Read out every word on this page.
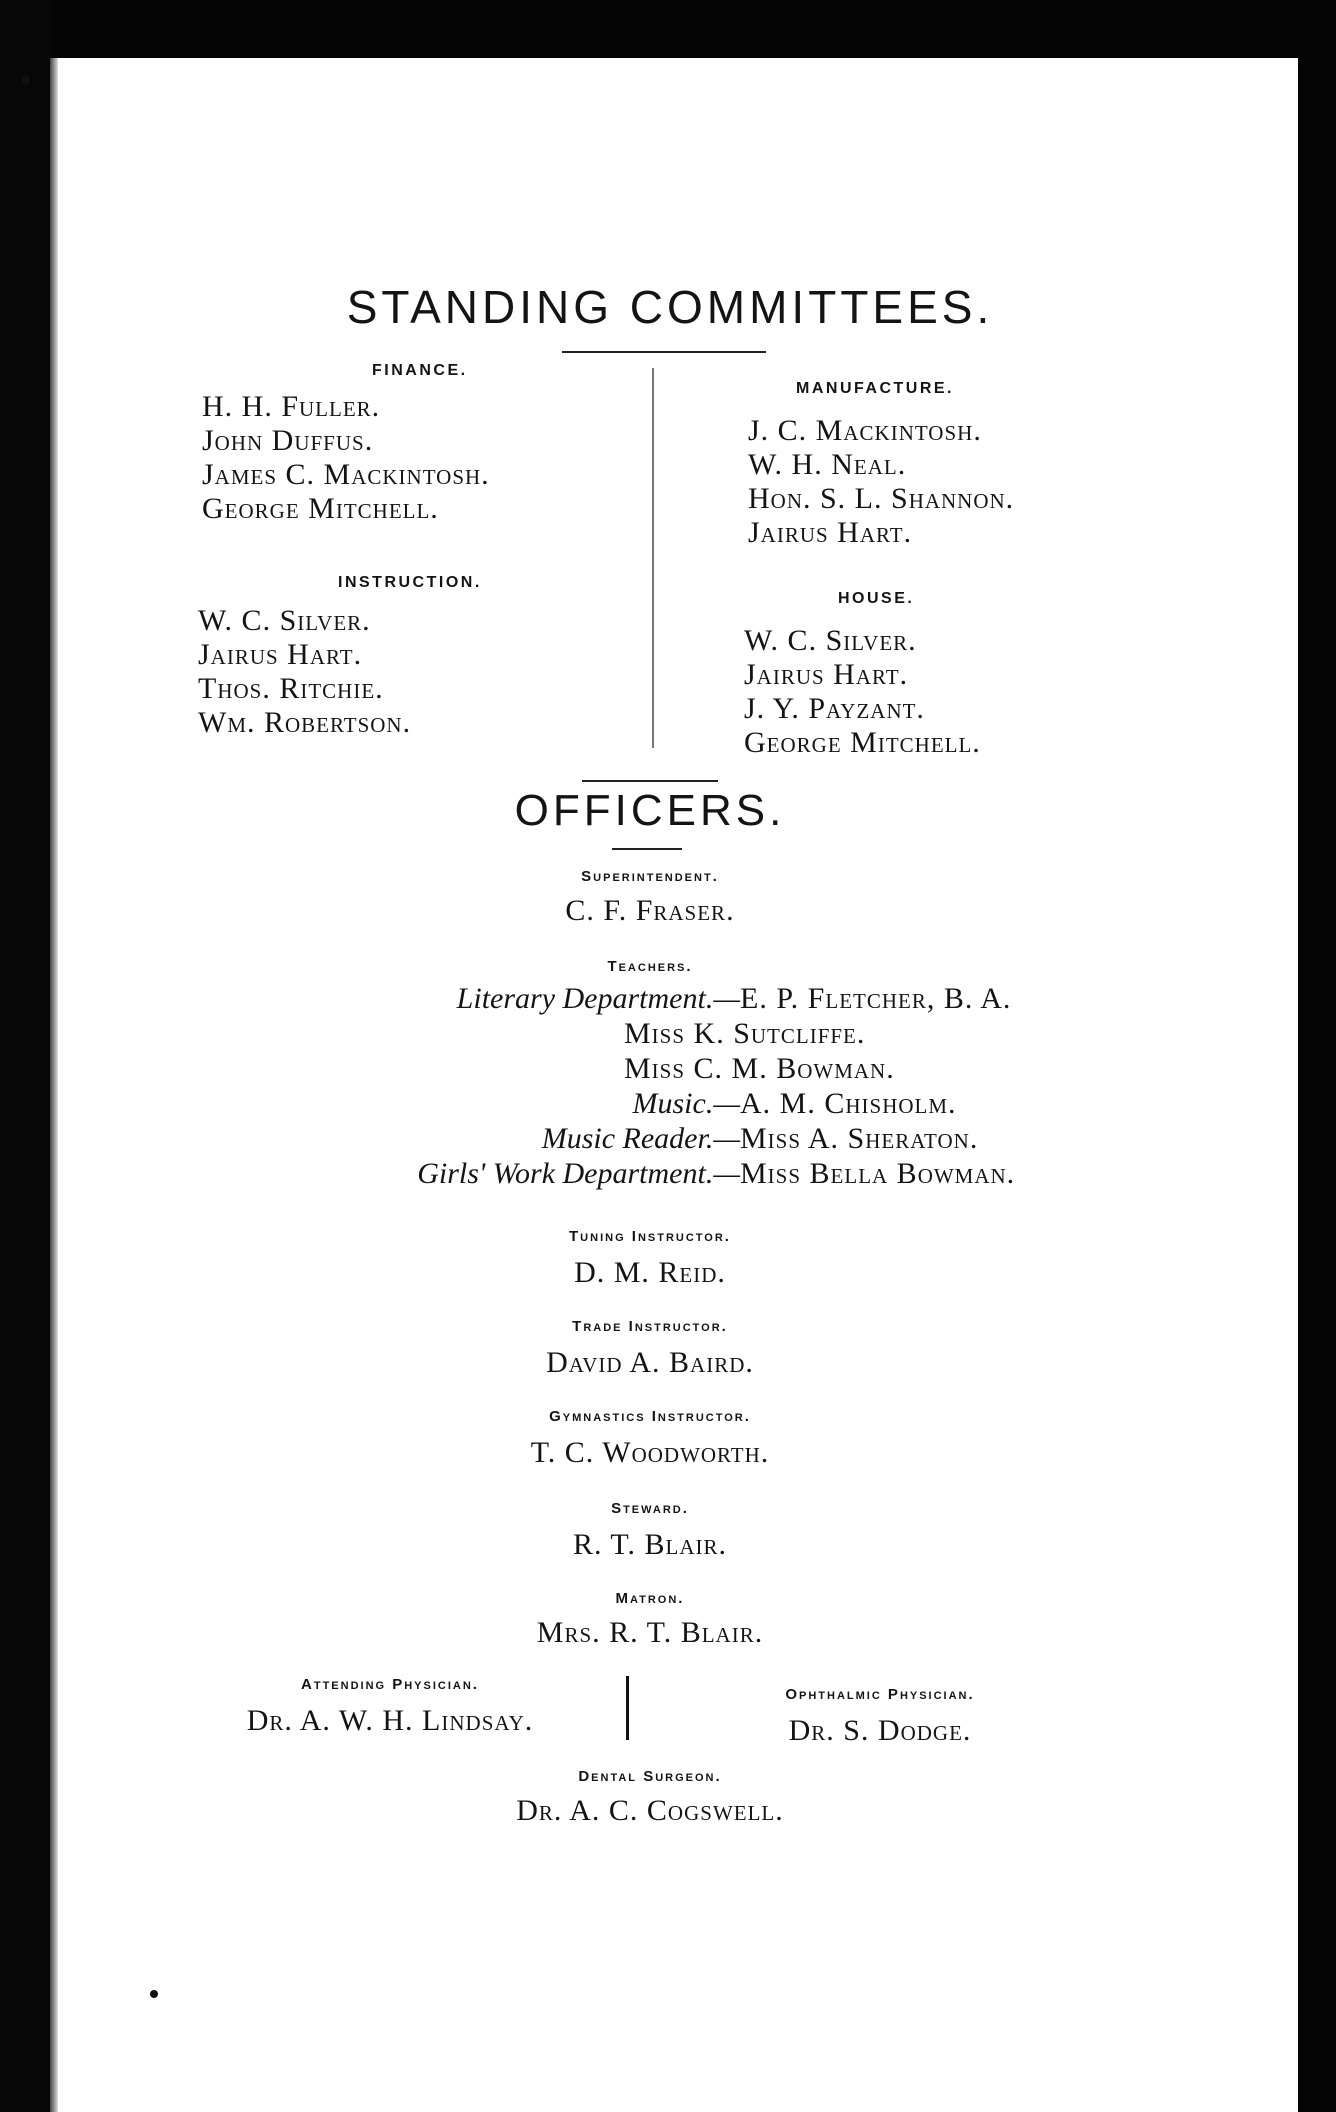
STANDING COMMITTEES.
FINANCE.
H. H. Fuller.
John Duffus.
James C. Mackintosh.
George Mitchell.
INSTRUCTION.
W. C. Silver.
Jairus Hart.
Thos. Ritchie.
Wm. Robertson.
MANUFACTURE.
J. C. Mackintosh.
W. H. Neal.
Hon. S. L. Shannon.
Jairus Hart.
HOUSE.
W. C. Silver.
Jairus Hart.
J. Y. Payzant.
George Mitchell.
OFFICERS.
Superintendent.
C. F. Fraser.
Teachers.
Literary Department.— E. P. Fletcher, B. A.
Miss K. Sutcliffe.
Miss C. M. Bowman.
Music.— A. M. Chisholm.
Music Reader.— Miss A. Sheraton.
Girls' Work Department.— Miss Bella Bowman.
Tuning Instructor.
D. M. Reid.
Trade Instructor.
David A. Baird.
Gymnastics Instructor.
T. C. Woodworth.
Steward.
R. T. Blair.
Matron.
Mrs. R. T. Blair.
Attending Physician.
Dr. A. W. H. Lindsay.
Ophthalmic Physician.
Dr. S. Dodge.
Dental Surgeon.
Dr. A. C. Cogswell.
